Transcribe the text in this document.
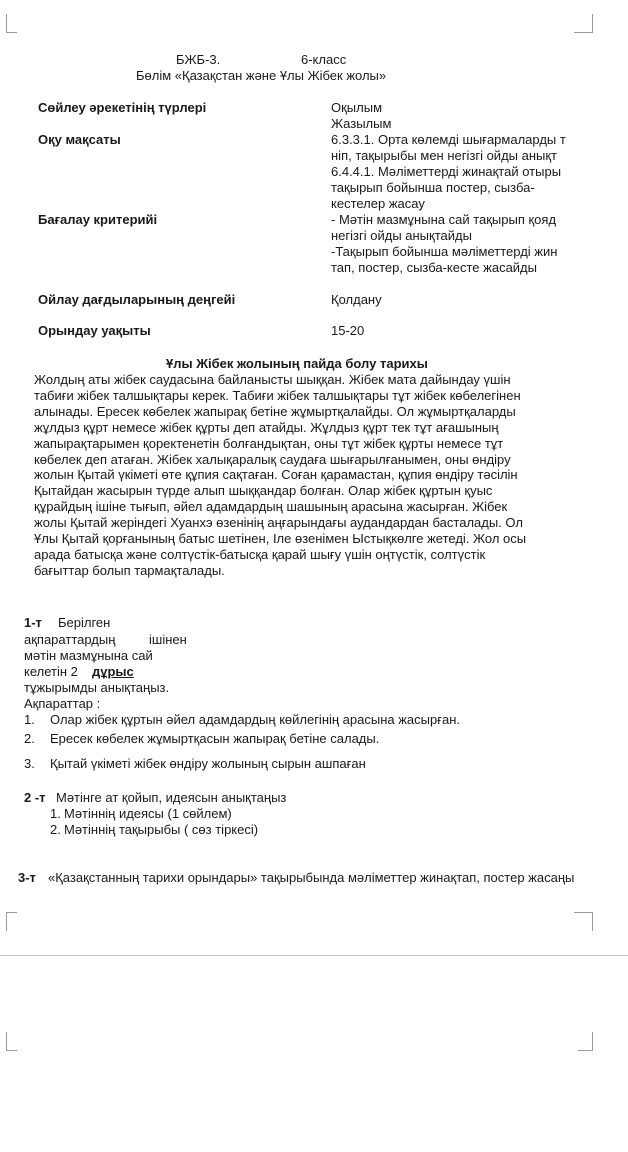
БЖБ-3.	6-класс
Бөлім «Қазақстан және Ұлы Жібек жолы»
Сөйлеу әрекетінің түрлері	Оқылым
Жазылым
Оқу мақсаты	6.3.3.1. Орта көлемді шығармаларды т
ніп, тақырыбы мен негізгі ойды анықт
6.4.4.1. Мәліметтерді жинақтай отыры
тақырып бойынша постер, сызба-
кестелер жасау
Бағалау критерийі	- Мәтін мазмұнына сай тақырып қояд
негізгі ойды анықтайды
-Тақырып бойынша мәліметтерді жин
тап, постер, сызба-кесте жасайды
Ойлау дағдыларының деңгейі	Қолдану
Орындау уақыты	15-20
Ұлы Жібек жолының пайда болу тарихы
Жолдың аты жібек саудасына байланысты шыққан. Жібек мата дайындау үшін
табиғи жібек талшықтары керек. Табиғи жібек талшықтары тұт жібек көбелегінен
алынады. Ересек көбелек жапырақ бетіне жұмыртқалайды. Ол жұмыртқаларды
жұлдыз құрт немесе жібек құрты деп атайды. Жұлдыз құрт тек тұт ағашының
жапырақтарымен қоректенетін болғандықтан, оны тұт жібек құрты немесе тұт
көбелек деп атаған. Жібек халықаралық саудаға шығарылғанымен, оны өндіру
жолын Қытай үкіметі өте құпия сақтаған. Соған қарамастан, құпия өндіру тәсілін
Қытайдан жасырын түрде алып шыққандар болған. Олар жібек құртын қуыс
құрайдың ішіне тығып, әйел адамдардың шашының арасына жасырған. Жібек
жолы Қытай жеріндегі Хуанхэ өзенінің аңғарындағы аудандардан басталады. Ол
Ұлы Қытай қорғанының батыс шетінен, Іле өзенімен Ыстықкөлге жетеді. Жол осы
арада батысқа және солтүстік-батысқа қарай шығу үшін оңтүстік, солтүстік
бағыттар болып тармақталады.
1-т Берілген
ақпараттардың	ішінен
мәтін мазмұнына сай
келетін 2 дұрыс
тұжырымды анықтаңыз.
Ақпараттар :
1. Олар жібек құртын әйел адамдардың көйлегінің арасына жасырған.
2. Ересек көбелек жұмыртқасын жапырақ бетіне салады.
3. Қытай үкіметі жібек өндіру жолының сырын ашпаған
2 -т Мәтінге ат қойып, идеясын анықтаңыз
1. Мәтіннің идеясы (1 сөйлем)
2. Мәтіннің тақырыбы ( сөз тіркесі)
3-т «Қазақстанның тарихи орындары» тақырыбында мәліметтер жинақтап, постер жасаңы
